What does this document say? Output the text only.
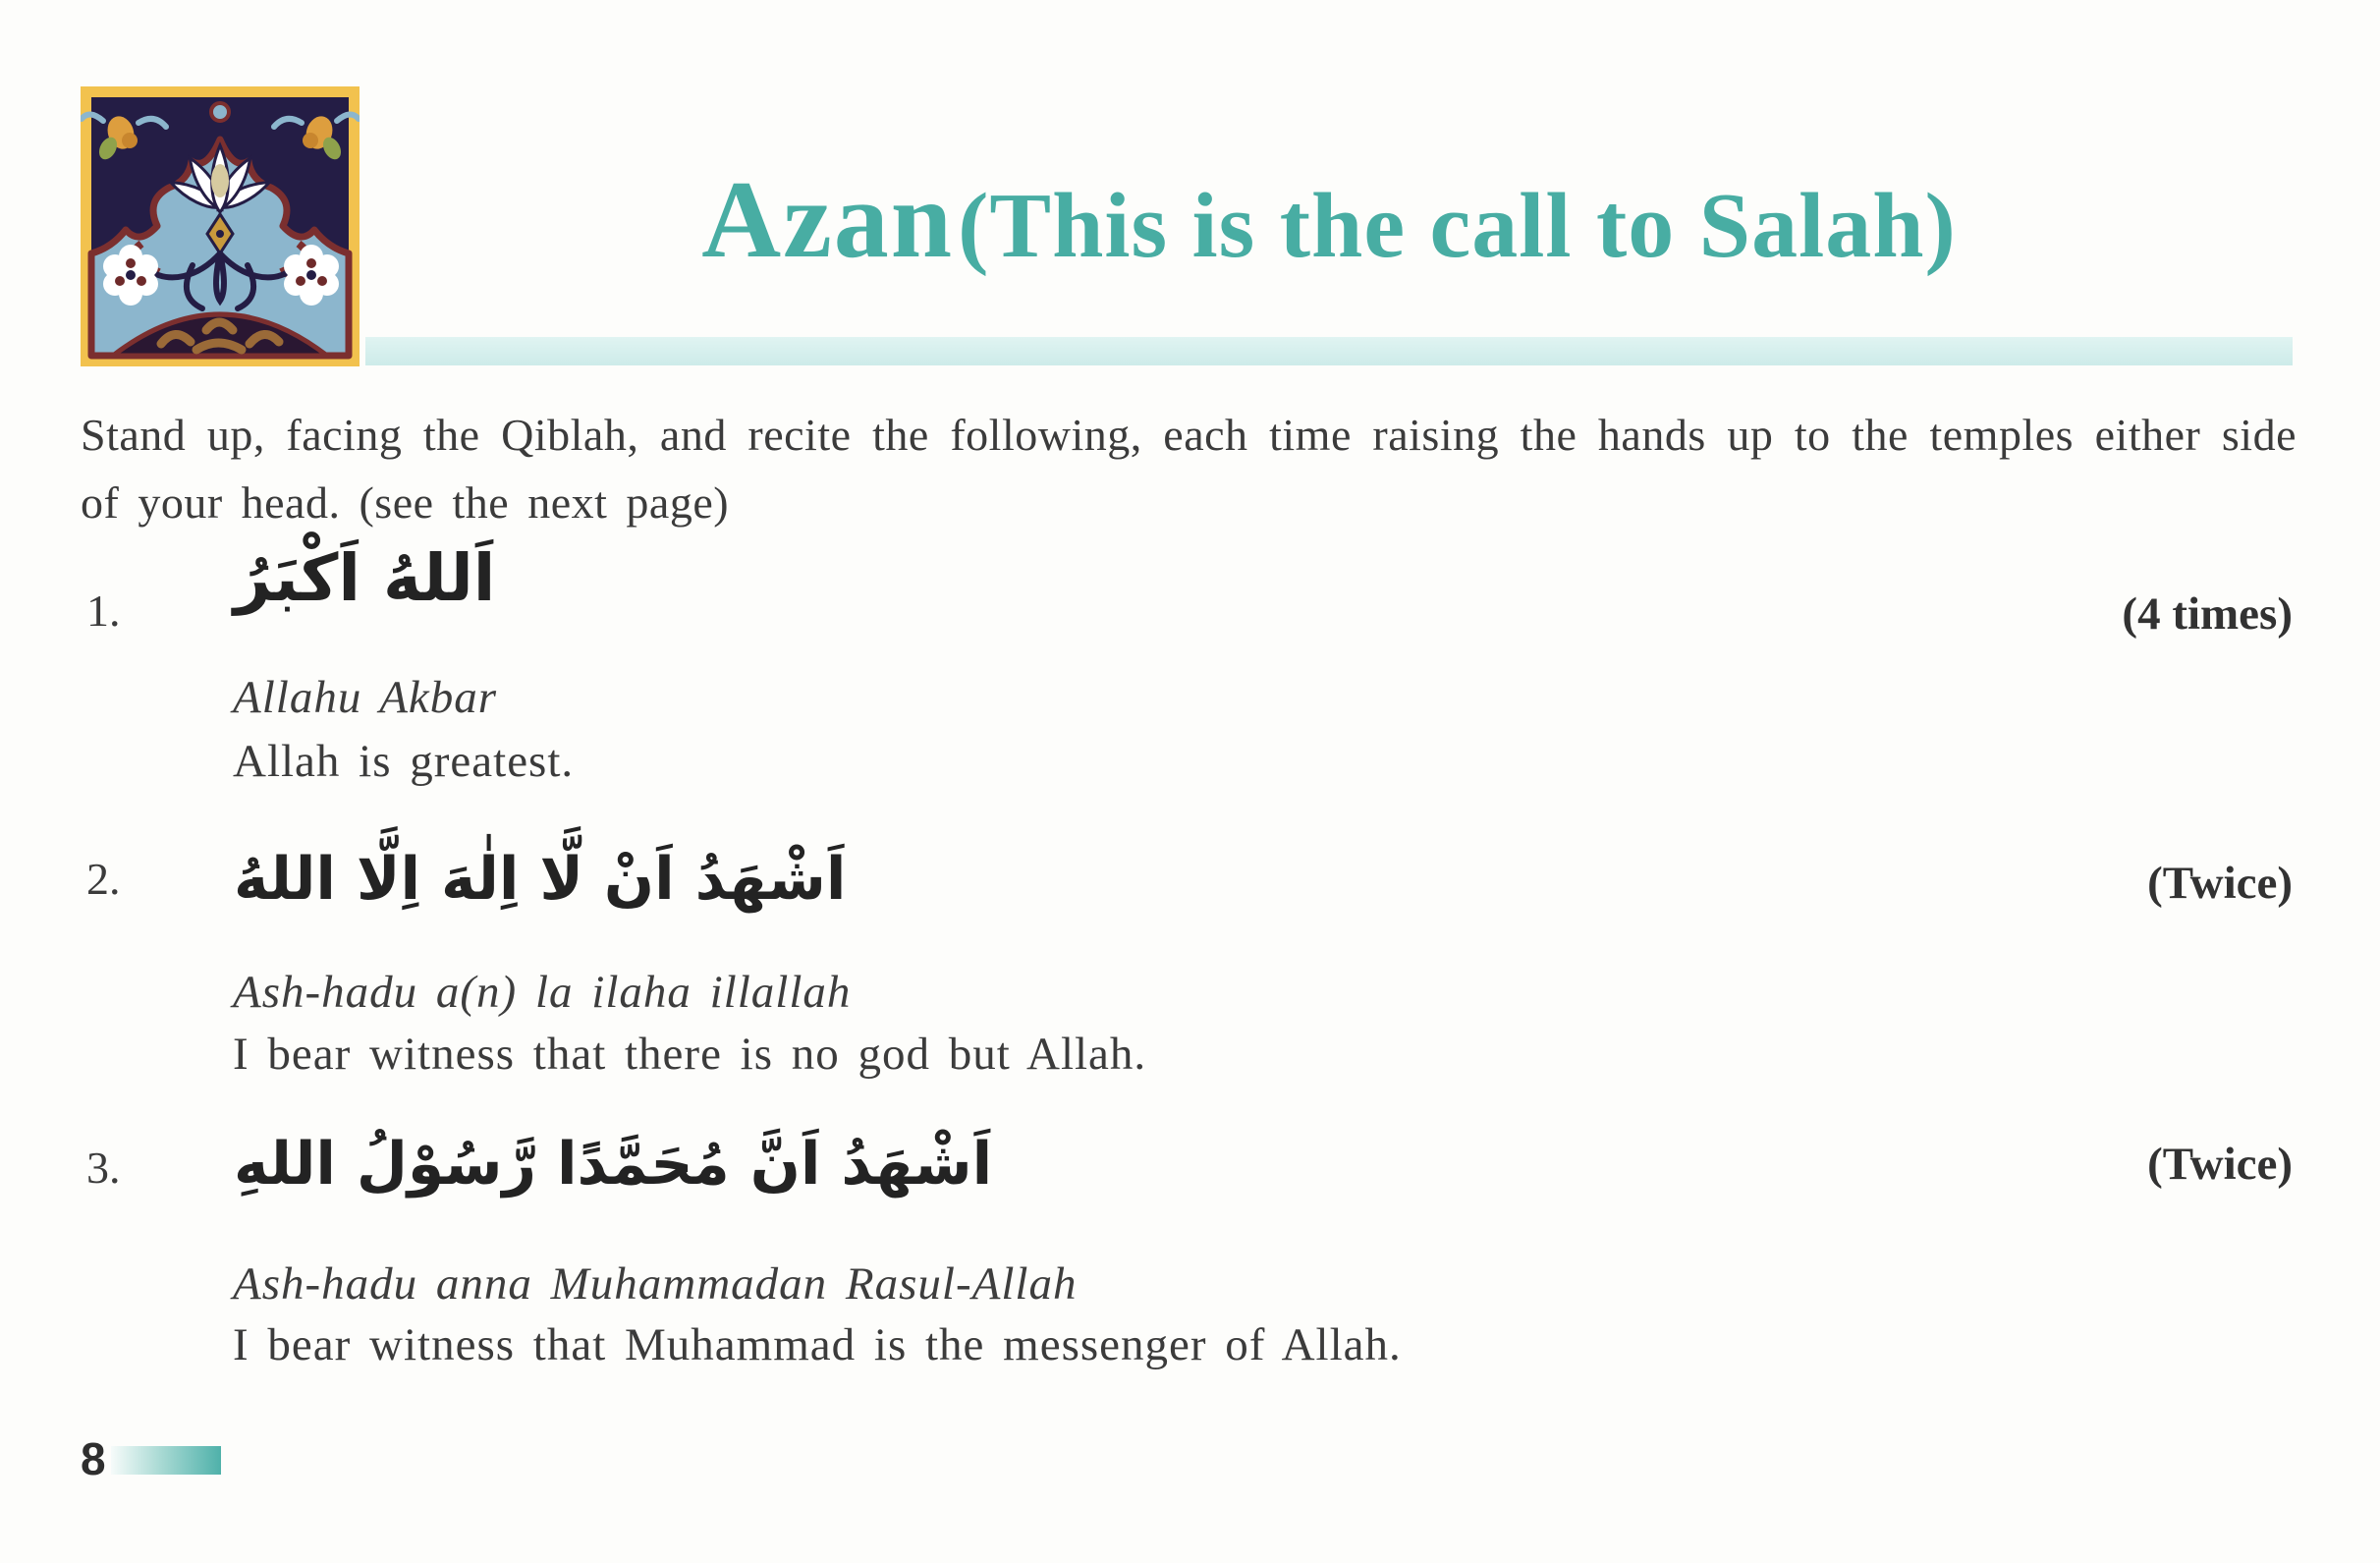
Azan (This is the call to Salah)
Stand up, facing the Qiblah, and recite the following, each time raising the hands up to the temples either side of your head. (see the next page)
1. اَللهُ اَكْبَرُ	(4 times)
Allahu Akbar
Allah is greatest.
2. اَشْهَدُ اَنْ لَّا اِلٰهَ اِلَّا اللهُ	(Twice)
Ash-hadu a(n) la ilaha illallah
I bear witness that there is no god but Allah.
3. اَشْهَدُ اَنَّ مُحَمَّدًا رَّسُوْلُ اللهِ	(Twice)
Ash-hadu anna Muhammadan Rasul-Allah
I bear witness that Muhammad is the messenger of Allah.
8
